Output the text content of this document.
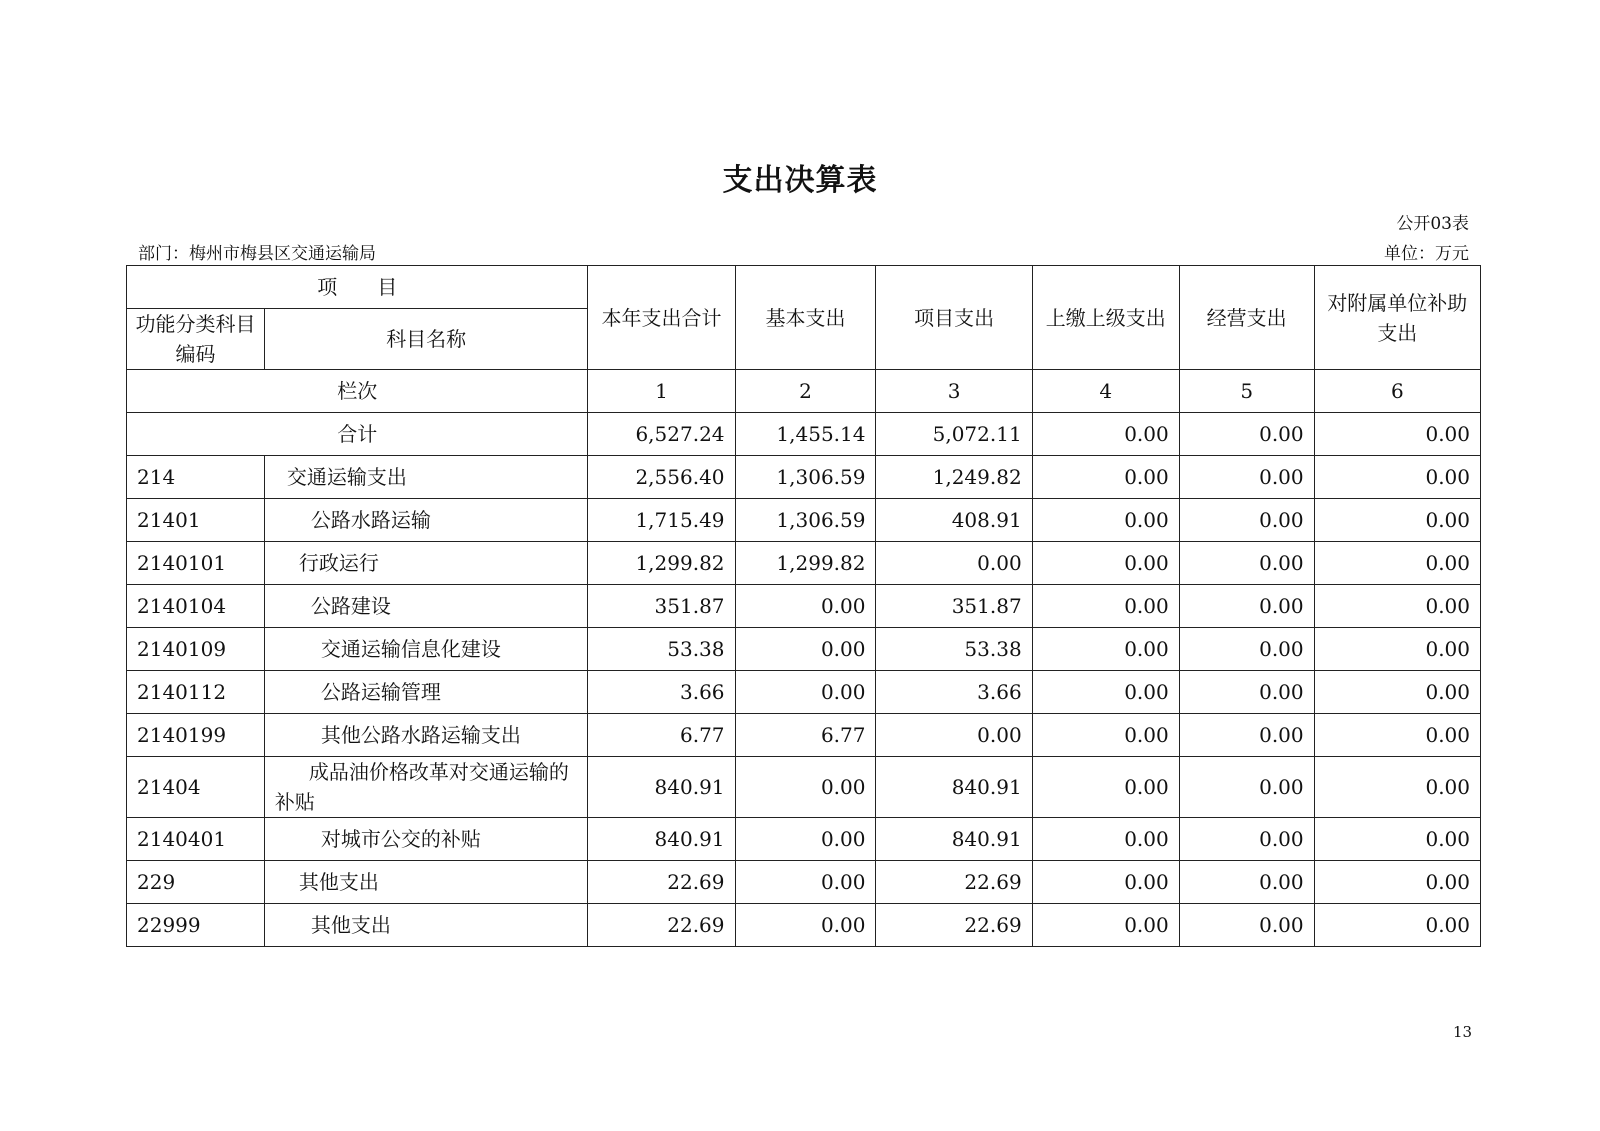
支出决算表
公开03表
部门：梅州市梅县区交通运输局	单位：万元
项　　目		本年支出合计	基本支出	项目支出	上缴上级支出	经营支出	对附属单位补助支出
功能分类科目编码	科目名称						
栏次		1	2	3	4	5	6
合计		6,527.24	1,455.14	5,072.11	0.00	0.00	0.00
214	交通运输支出	2,556.40	1,306.59	1,249.82	0.00	0.00	0.00
21401	公路水路运输	1,715.49	1,306.59	408.91	0.00	0.00	0.00
2140101	行政运行	1,299.82	1,299.82	0.00	0.00	0.00	0.00
2140104	公路建设	351.87	0.00	351.87	0.00	0.00	0.00
2140109	交通运输信息化建设	53.38	0.00	53.38	0.00	0.00	0.00
2140112	公路运输管理	3.66	0.00	3.66	0.00	0.00	0.00
2140199	其他公路水路运输支出	6.77	6.77	0.00	0.00	0.00	0.00
21404	成品油价格改革对交通运输的补贴	840.91	0.00	840.91	0.00	0.00	0.00
2140401	对城市公交的补贴	840.91	0.00	840.91	0.00	0.00	0.00
229	其他支出	22.69	0.00	22.69	0.00	0.00	0.00
22999	其他支出	22.69	0.00	22.69	0.00	0.00	0.00
13
